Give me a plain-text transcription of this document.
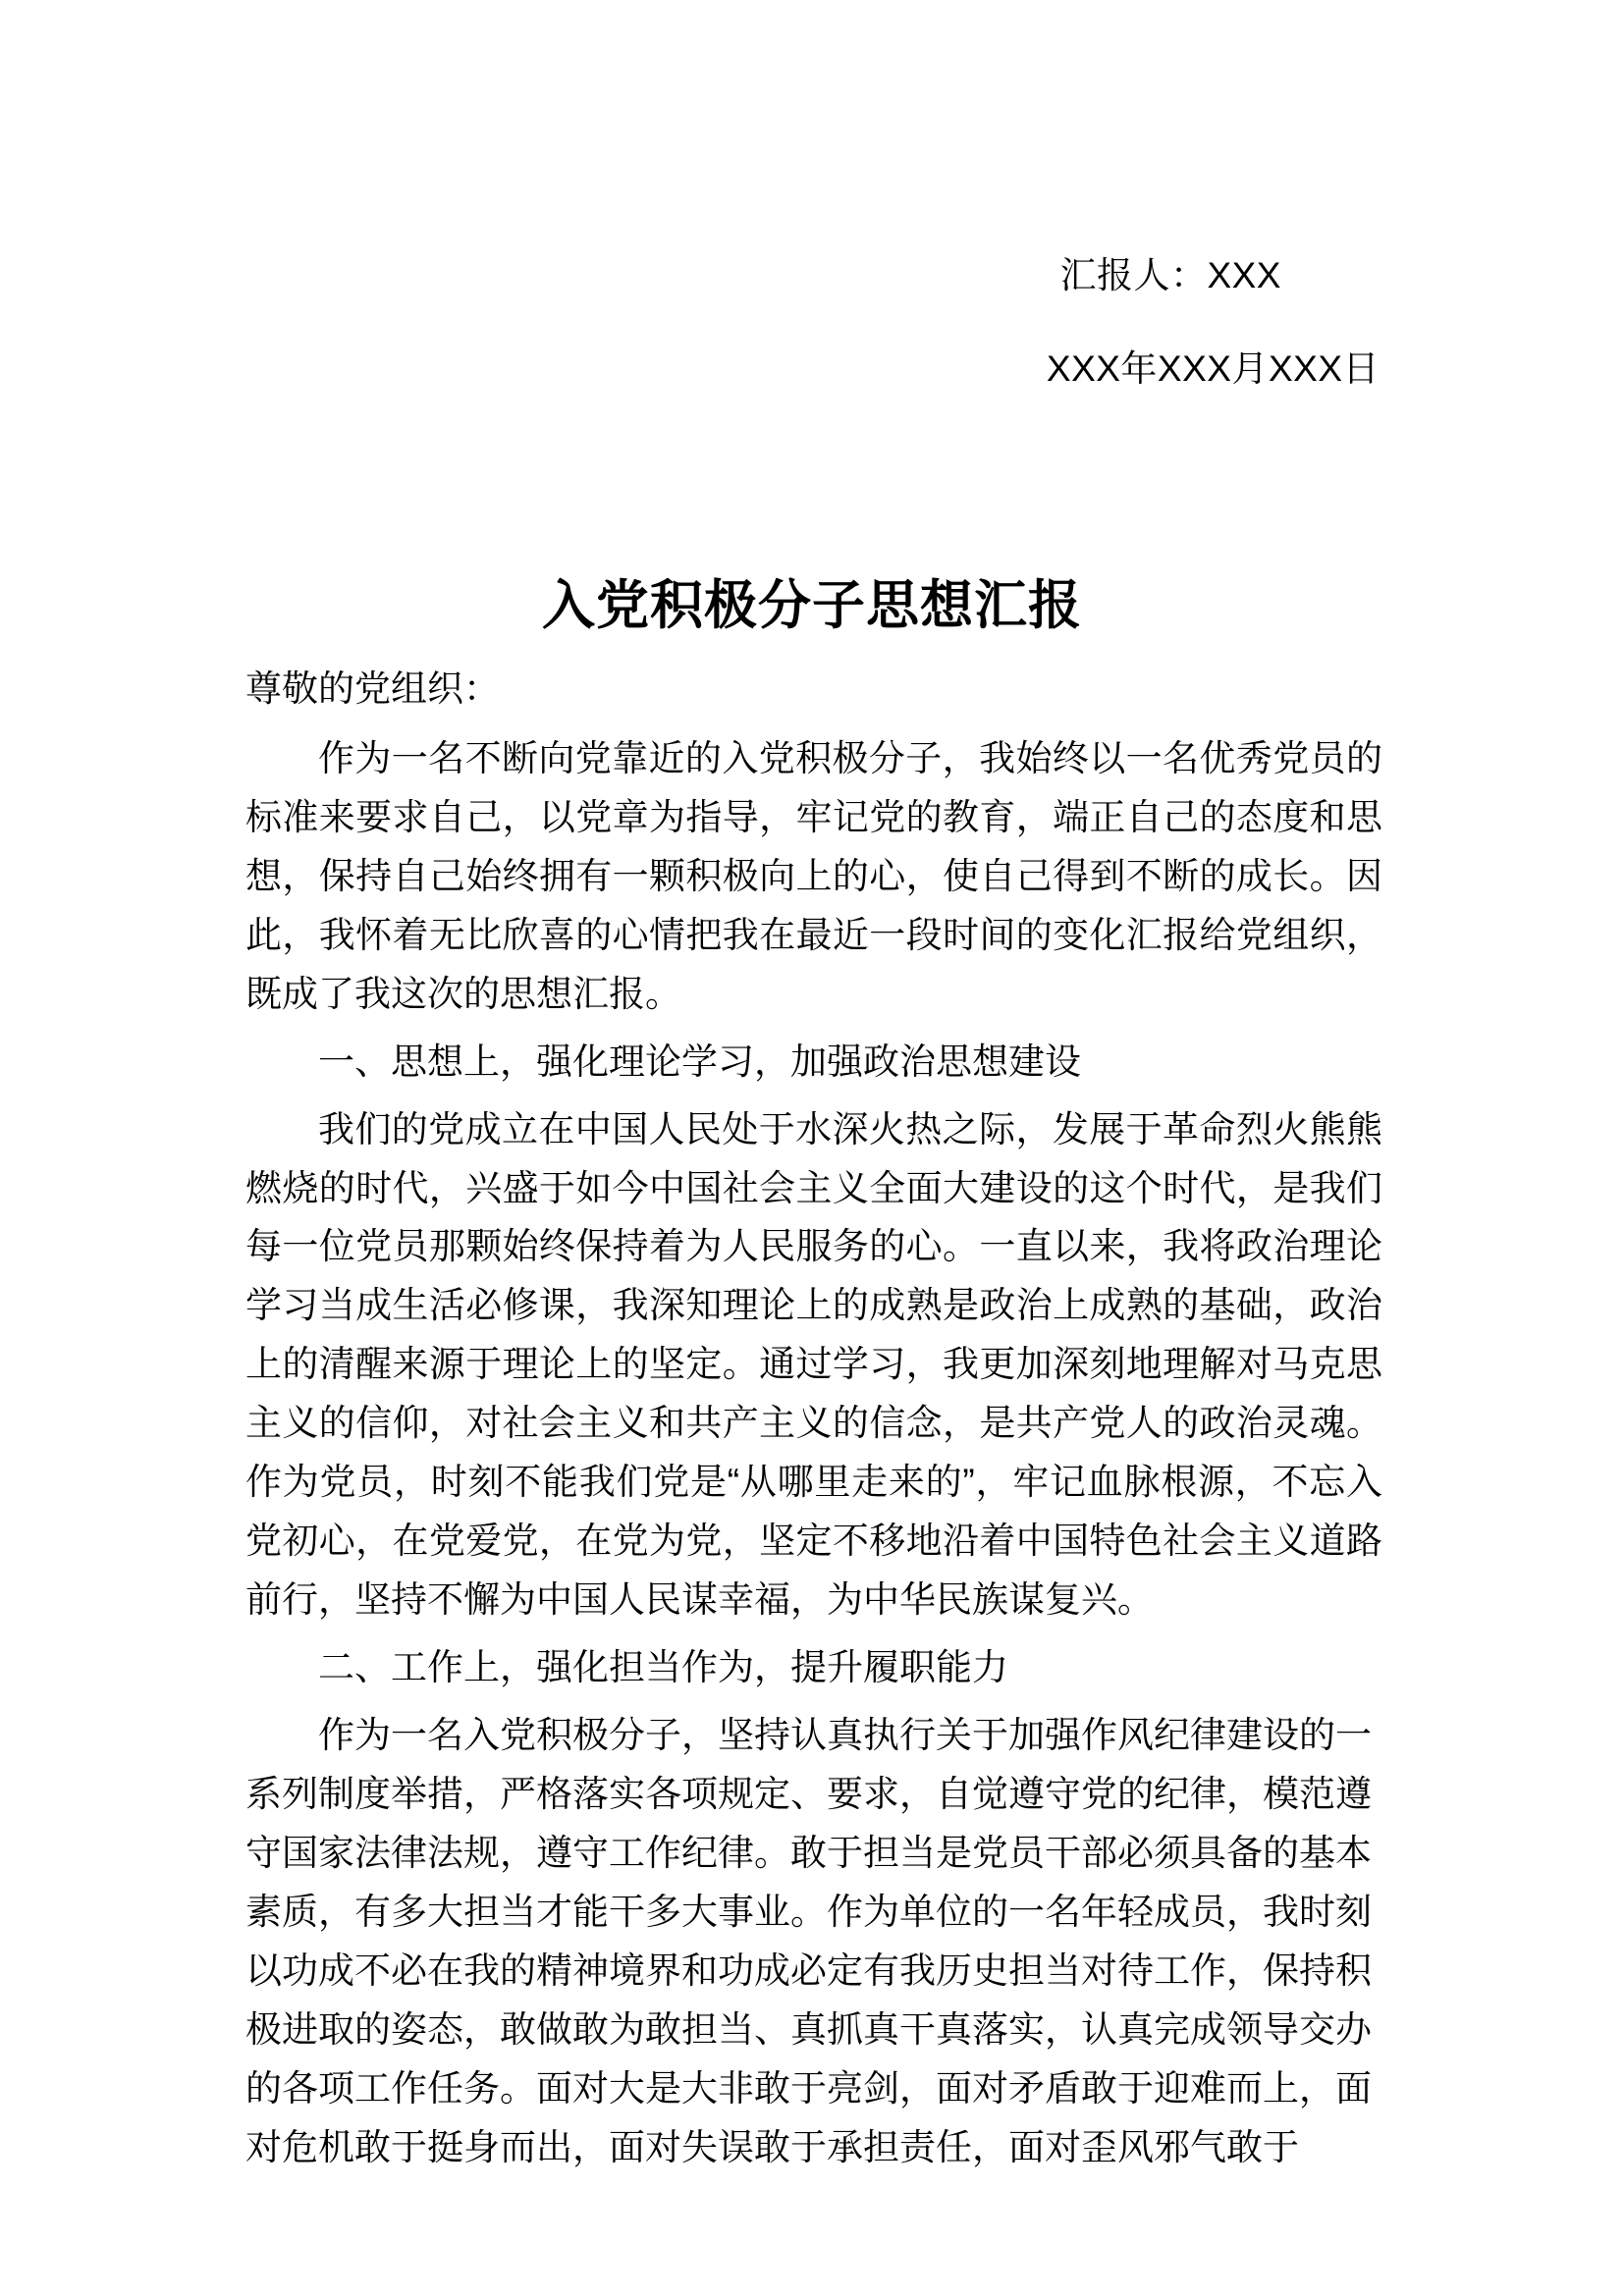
汇报人：XXX
XXX年XXX月XXX日
入党积极分子思想汇报

尊敬的党组织：

作为一名不断向党靠近的入党积极分子，我始终以一名优秀党员的标准来要求自己，以党章为指导，牢记党的教育，端正自己的态度和思想，保持自己始终拥有一颗积极向上的心，使自己得到不断的成长。因此，我怀着无比欣喜的心情把我在最近一段时间的变化汇报给党组织，既成了我这次的思想汇报。

一、思想上，强化理论学习，加强政治思想建设

我们的党成立在中国人民处于水深火热之际，发展于革命烈火熊熊燃烧的时代，兴盛于如今中国社会主义全面大建设的这个时代，是我们每一位党员那颗始终保持着为人民服务的心。一直以来，我将政治理论学习当成生活必修课，我深知理论上的成熟是政治上成熟的基础，政治上的清醒来源于理论上的坚定。通过学习，我更加深刻地理解对马克思主义的信仰，对社会主义和共产主义的信念，是共产党人的政治灵魂。作为党员，时刻不能我们党是“从哪里走来的”，牢记血脉根源，不忘入党初心，在党爱党，在党为党，坚定不移地沿着中国特色社会主义道路前行，坚持不懈为中国人民谋幸福，为中华民族谋复兴。

二、工作上，强化担当作为，提升履职能力

作为一名入党积极分子，坚持认真执行关于加强作风纪律建设的一系列制度举措，严格落实各项规定、要求，自觉遵守党的纪律，模范遵守国家法律法规，遵守工作纪律。敢于担当是党员干部必须具备的基本素质，有多大担当才能干多大事业。作为单位的一名年轻成员，我时刻以功成不必在我的精神境界和功成必定有我历史担当对待工作，保持积极进取的姿态，敢做敢为敢担当、真抓真干真落实，认真完成领导交办的各项工作任务。面对大是大非敢于亮剑，面对矛盾敢于迎难而上，面对危机敢于挺身而出，面对失误敢于承担责任，面对歪风邪气敢于
